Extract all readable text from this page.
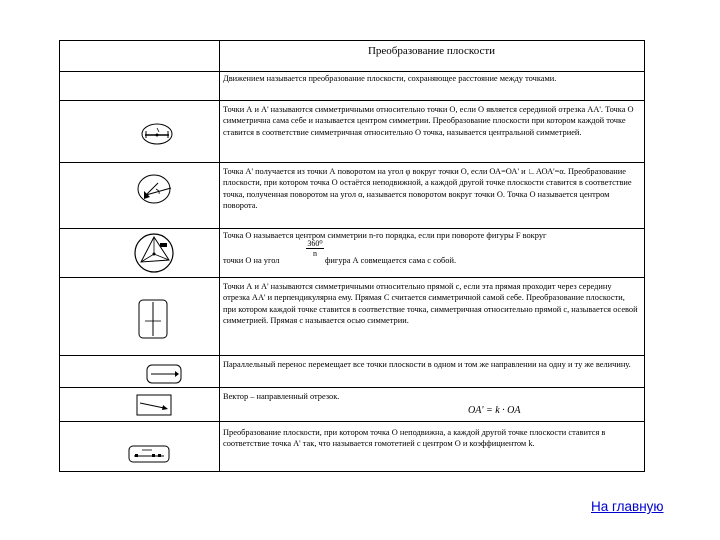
Преобразование плоскости
Движением называется преобразование плоскости, сохраняющее расстояние между точками.
Точки А и А' называются симметричными относительно точки О, если О является серединой отрезка АА'. Точка О симметрична сама себе и называется центром симметрии. Преобразование плоскости при котором каждой точке ставится в соответствие симметричная относительно О точка, называется центральной симметрией.
Точка А' получается из точки А поворотом на угол φ вокруг точки О, если ОА=ОА' и ∟АОА'=α. Преобразование плоскости, при котором точка О остаётся неподвижной, а каждой другой точке плоскости ставится в соответствие точка, полученная поворотом на угол α, называется поворотом вокруг точки О. Точка О называется центром поворота.
Точка О называется центром симметрии n-го порядка, если при повороте фигуры F вокруг
$\frac{\text{360⁰}}{n}$
точки О на угол	фигура А совмещается сама с собой.
Точки А и А' называются симметричными относительно прямой с, если эта прямая проходит через середину отрезка АА' и перпендикулярна ему. Прямая С считается симметричной самой себе. Преобразование плоскости, при котором каждой точке ставится в соответствие точка, симметричная относительно прямой с, называется осевой симметрией. Прямая с называется осью симметрии.
Параллельный перенос перемещает все точки плоскости в одном и том же направлении на одну и ту же величину.
Вектор – направленный отрезок.
OA' = k · OA
Преобразование плоскости, при котором точка О неподвижна, а каждой другой точке плоскости ставится в соответствие точка А' так, что называется гомотетией с центром О и коэффициентом k.
На главную
